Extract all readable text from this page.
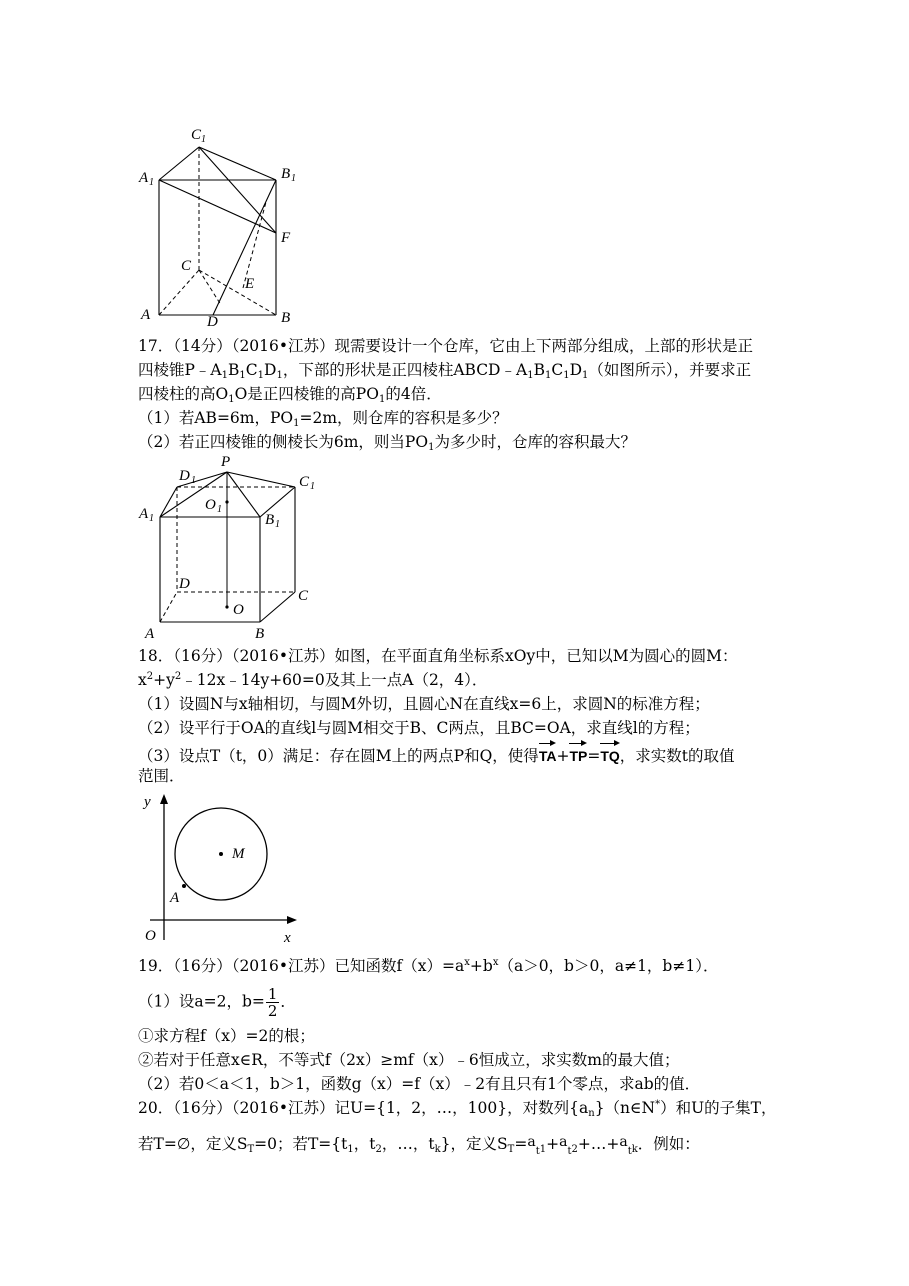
C 1
A 1
B 1
F
C
E
A	D	B
17．（14分）（2016•江苏）现需要设计一个仓库，它由上下两部分组成，上部的形状是正
四棱锥$P﹣A_1B_1C_1D_1$，下部的形状是正四棱柱$ABCD﹣A_1B_1C_1D_1$（如图所示），并要求正
四棱柱的高$O_1O$是正四棱锥的高$PO_1$的4倍．
（1）若AB=6m，$PO_1=2m$，则仓库的容积是多少？
（2）若正四棱锥的侧棱长为6m，则当$PO_1$为多少时，仓库的容积最大？
P
D 1	C 1
O 1
A 1	B 1
D
C
O
A	B
18．（16分）（2016•江苏）如图，在平面直角坐标系xOy中，已知以M为圆心的圆M：
$x^2+y^2﹣12x﹣14y+60=0$及其上一点A（2，4）．
（1）设圆N与x轴相切，与圆M外切，且圆心N在直线x=6上，求圆N的标准方程；
（2）设平行于OA的直线l与圆M相交于B、C两点，且BC=OA，求直线l的方程；
（3）设点T（t，0）满足：存在圆M上的两点P和Q，使得TA+TP=TQ，求实数t的取值
范围．
y
M
A
O	x
19．（16分）（2016•江苏）已知函数$f(x)=a^x+b^x(a>0$，b＞0，a≠1，b≠1）．
（1）设a=2，$b= \frac{1}{2}$ ．
①求方程f（x）=2的根；
②若对于任意x∈R，不等式f（2x）≥mf（x）﹣6恒成立，求实数m的最大值；
（2）若0＜a＜1，b＞1，函数g（x）=f（x）﹣2有且只有1个零点，求ab的值．
20．（16分）（2016•江苏）记U={1，2，…，100}，对数列$\{a_n\}(n\in N^*)$和U的子集T，
若T=∅，定义$S_T=0$；若$T=\{t_1$，$t_2$，…，$t_k$}，定义$S_T=a_{t1}+a_{t2}+\dots+a_{tk}$．例如：
